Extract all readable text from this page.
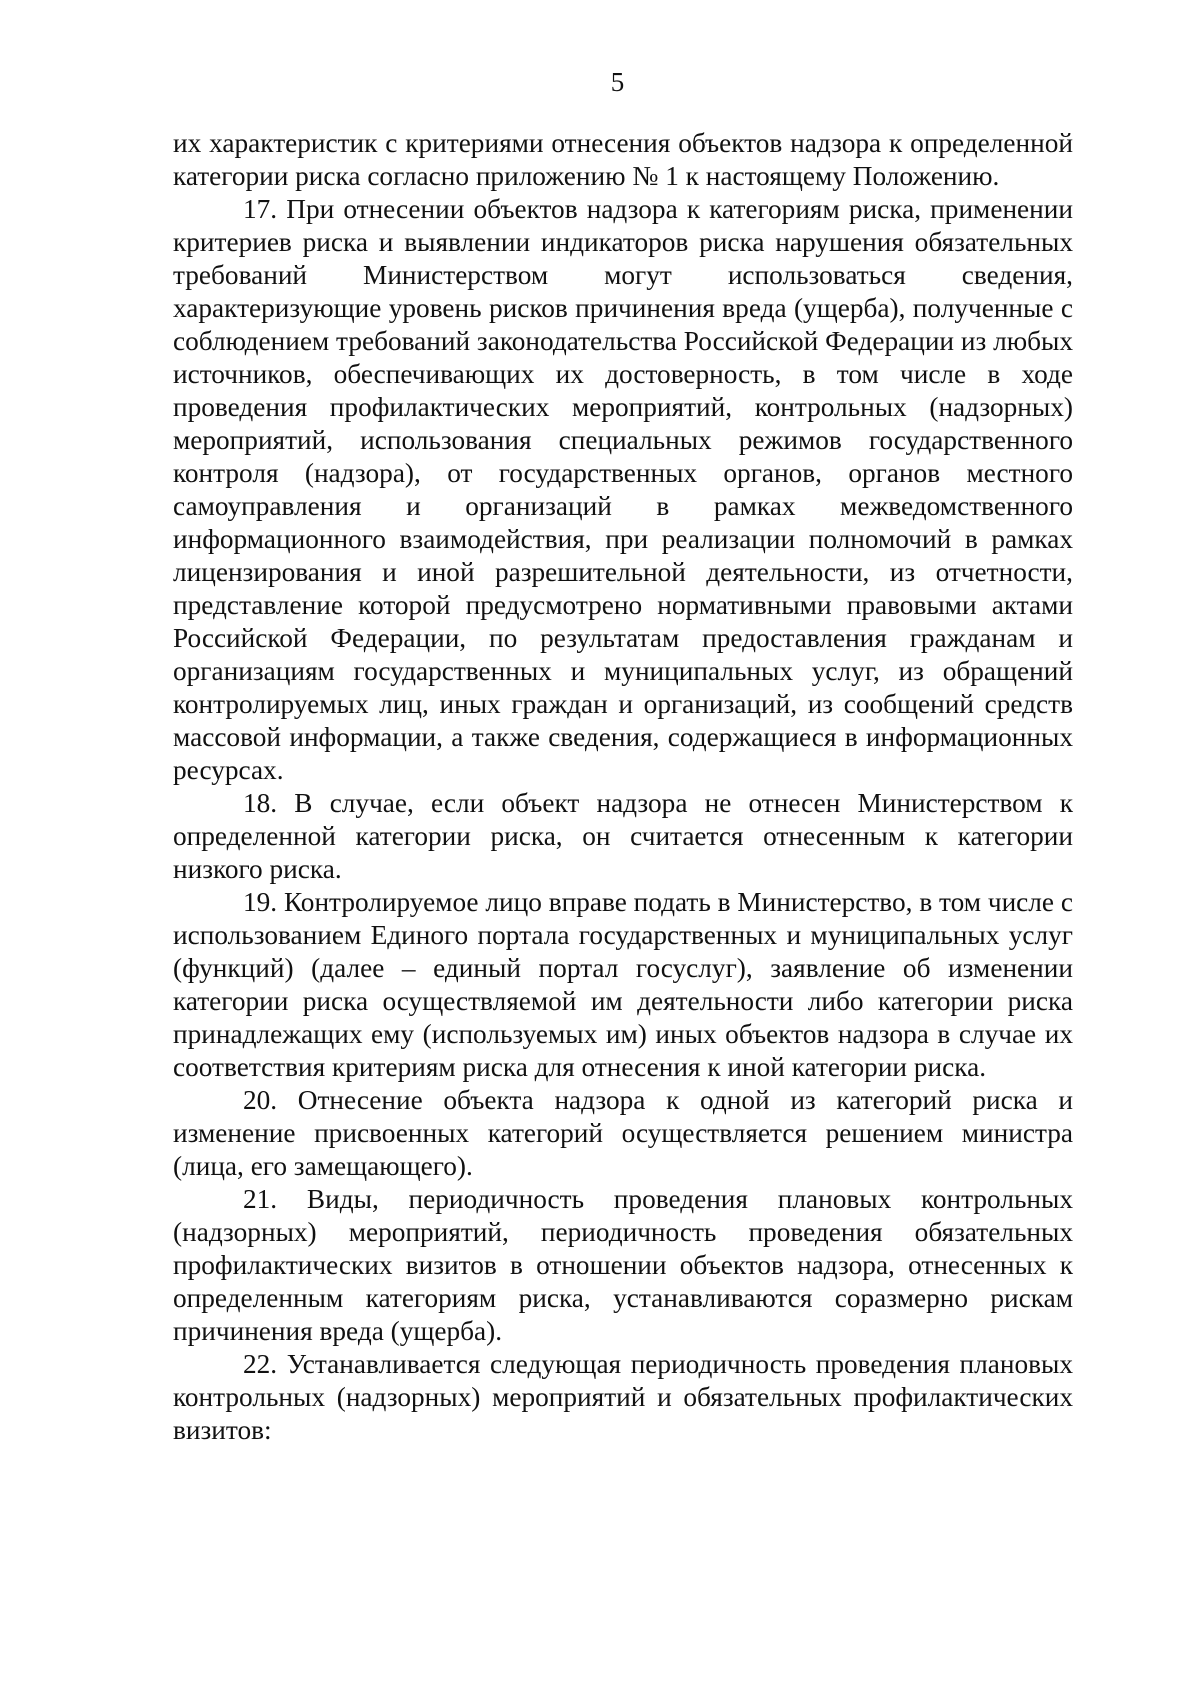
5

их характеристик с критериями отнесения объектов надзора к определенной категории риска согласно приложению № 1 к настоящему Положению.

17. При отнесении объектов надзора к категориям риска, применении критериев риска и выявлении индикаторов риска нарушения обязательных требований Министерством могут использоваться сведения, характеризующие уровень рисков причинения вреда (ущерба), полученные с соблюдением требований законодательства Российской Федерации из любых источников, обеспечивающих их достоверность, в том числе в ходе проведения профилактических мероприятий, контрольных (надзорных) мероприятий, использования специальных режимов государственного контроля (надзора), от государственных органов, органов местного самоуправления и организаций в рамках межведомственного информационного взаимодействия, при реализации полномочий в рамках лицензирования и иной разрешительной деятельности, из отчетности, представление которой предусмотрено нормативными правовыми актами Российской Федерации, по результатам предоставления гражданам и организациям государственных и муниципальных услуг, из обращений контролируемых лиц, иных граждан и организаций, из сообщений средств массовой информации, а также сведения, содержащиеся в информационных ресурсах.

18. В случае, если объект надзора не отнесен Министерством к определенной категории риска, он считается отнесенным к категории низкого риска.

19. Контролируемое лицо вправе подать в Министерство, в том числе с использованием Единого портала государственных и муниципальных услуг (функций) (далее – единый портал госуслуг), заявление об изменении категории риска осуществляемой им деятельности либо категории риска принадлежащих ему (используемых им) иных объектов надзора в случае их соответствия критериям риска для отнесения к иной категории риска.

20. Отнесение объекта надзора к одной из категорий риска и изменение присвоенных категорий осуществляется решением министра (лица, его замещающего).

21. Виды, периодичность проведения плановых контрольных (надзорных) мероприятий, периодичность проведения обязательных профилактических визитов в отношении объектов надзора, отнесенных к определенным категориям риска, устанавливаются соразмерно рискам причинения вреда (ущерба).

22. Устанавливается следующая периодичность проведения плановых контрольных (надзорных) мероприятий и обязательных профилактических визитов:
